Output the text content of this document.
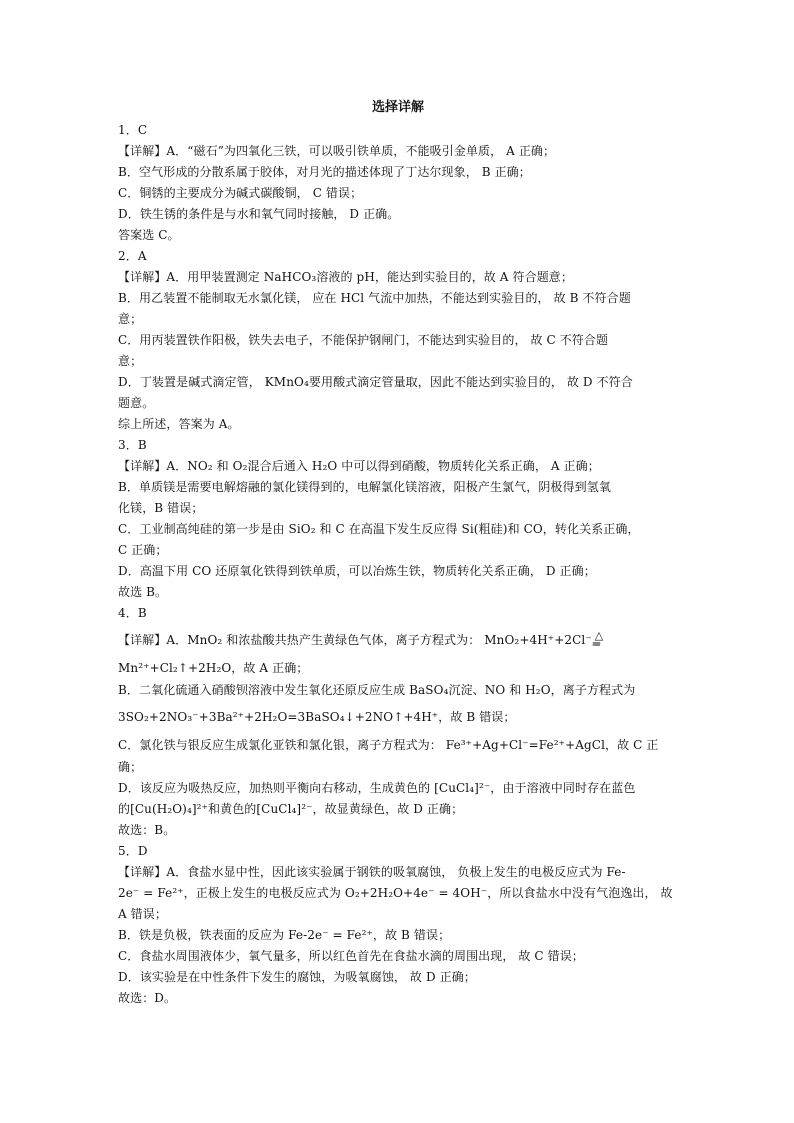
选择详解
1．C
【详解】A．“磁石”为四氧化三铁，可以吸引铁单质，不能吸引金单质， A 正确；
B．空气形成的分散系属于胶体，对月光的描述体现了丁达尔现象， B 正确；
C．铜锈的主要成分为碱式碳酸铜， C 错误；
D．铁生锈的条件是与水和氧气同时接触， D 正确。
答案选 C。
2．A
【详解】A．用甲装置测定 NaHCO₃溶液的 pH，能达到实验目的，故 A 符合题意；
B．用乙装置不能制取无水氯化镁， 应在 HCl 气流中加热，不能达到实验目的， 故 B 不符合题
意；
C．用丙装置铁作阳极，铁失去电子，不能保护钢闸门，不能达到实验目的， 故 C 不符合题
意；
D．丁装置是碱式滴定管， KMnO₄要用酸式滴定管量取，因此不能达到实验目的， 故 D 不符合
题意。
综上所述，答案为 A。
3．B
【详解】A．NO₂ 和 O₂混合后通入 H₂O 中可以得到硝酸，物质转化关系正确， A 正确；
B．单质镁是需要电解熔融的氯化镁得到的，电解氯化镁溶液，阳极产生氯气，阴极得到氢氧
化镁，B 错误；
C．工业制高纯硅的第一步是由 SiO₂ 和 C 在高温下发生反应得 Si(粗硅)和 CO，转化关系正确，
C 正确；
D．高温下用 CO 还原氧化铁得到铁单质，可以冶炼生铁，物质转化关系正确， D 正确；
故选 B。
4．B
【详解】A．MnO₂ 和浓盐酸共热产生黄绿色气体，离子方程式为： MnO₂+4H⁺+2Cl⁻ △
═
Mn²⁺+Cl₂↑+2H₂O，故 A 正确；
B．二氧化硫通入硝酸钡溶液中发生氧化还原反应生成 BaSO₄沉淀、NO 和 H₂O，离子方程式为
3SO₂+2NO₃⁻+3Ba²⁺+2H₂O=3BaSO₄↓+2NO↑+4H⁺，故 B 错误；
C．氯化铁与银反应生成氯化亚铁和氯化银，离子方程式为： Fe³⁺+Ag+Cl⁻=Fe²⁺+AgCl，故 C 正
确；
D．该反应为吸热反应，加热则平衡向右移动，生成黄色的 [CuCl₄]²⁻，由于溶液中同时存在蓝色
的[Cu(H₂O)₄]²⁺和黄色的[CuCl₄]²⁻，故显黄绿色，故 D 正确；
故选：B。
5．D
【详解】A．食盐水显中性，因此该实验属于钢铁的吸氧腐蚀， 负极上发生的电极反应式为 Fe-
2e⁻ = Fe²⁺，正极上发生的电极反应式为 O₂+2H₂O+4e⁻ = 4OH⁻，所以食盐水中没有气泡逸出， 故
A 错误；
B．铁是负极，铁表面的反应为 Fe-2e⁻ = Fe²⁺，故 B 错误；
C．食盐水周围液体少，氧气量多，所以红色首先在食盐水滴的周围出现， 故 C 错误；
D．该实验是在中性条件下发生的腐蚀，为吸氧腐蚀， 故 D 正确；
故选：D。
